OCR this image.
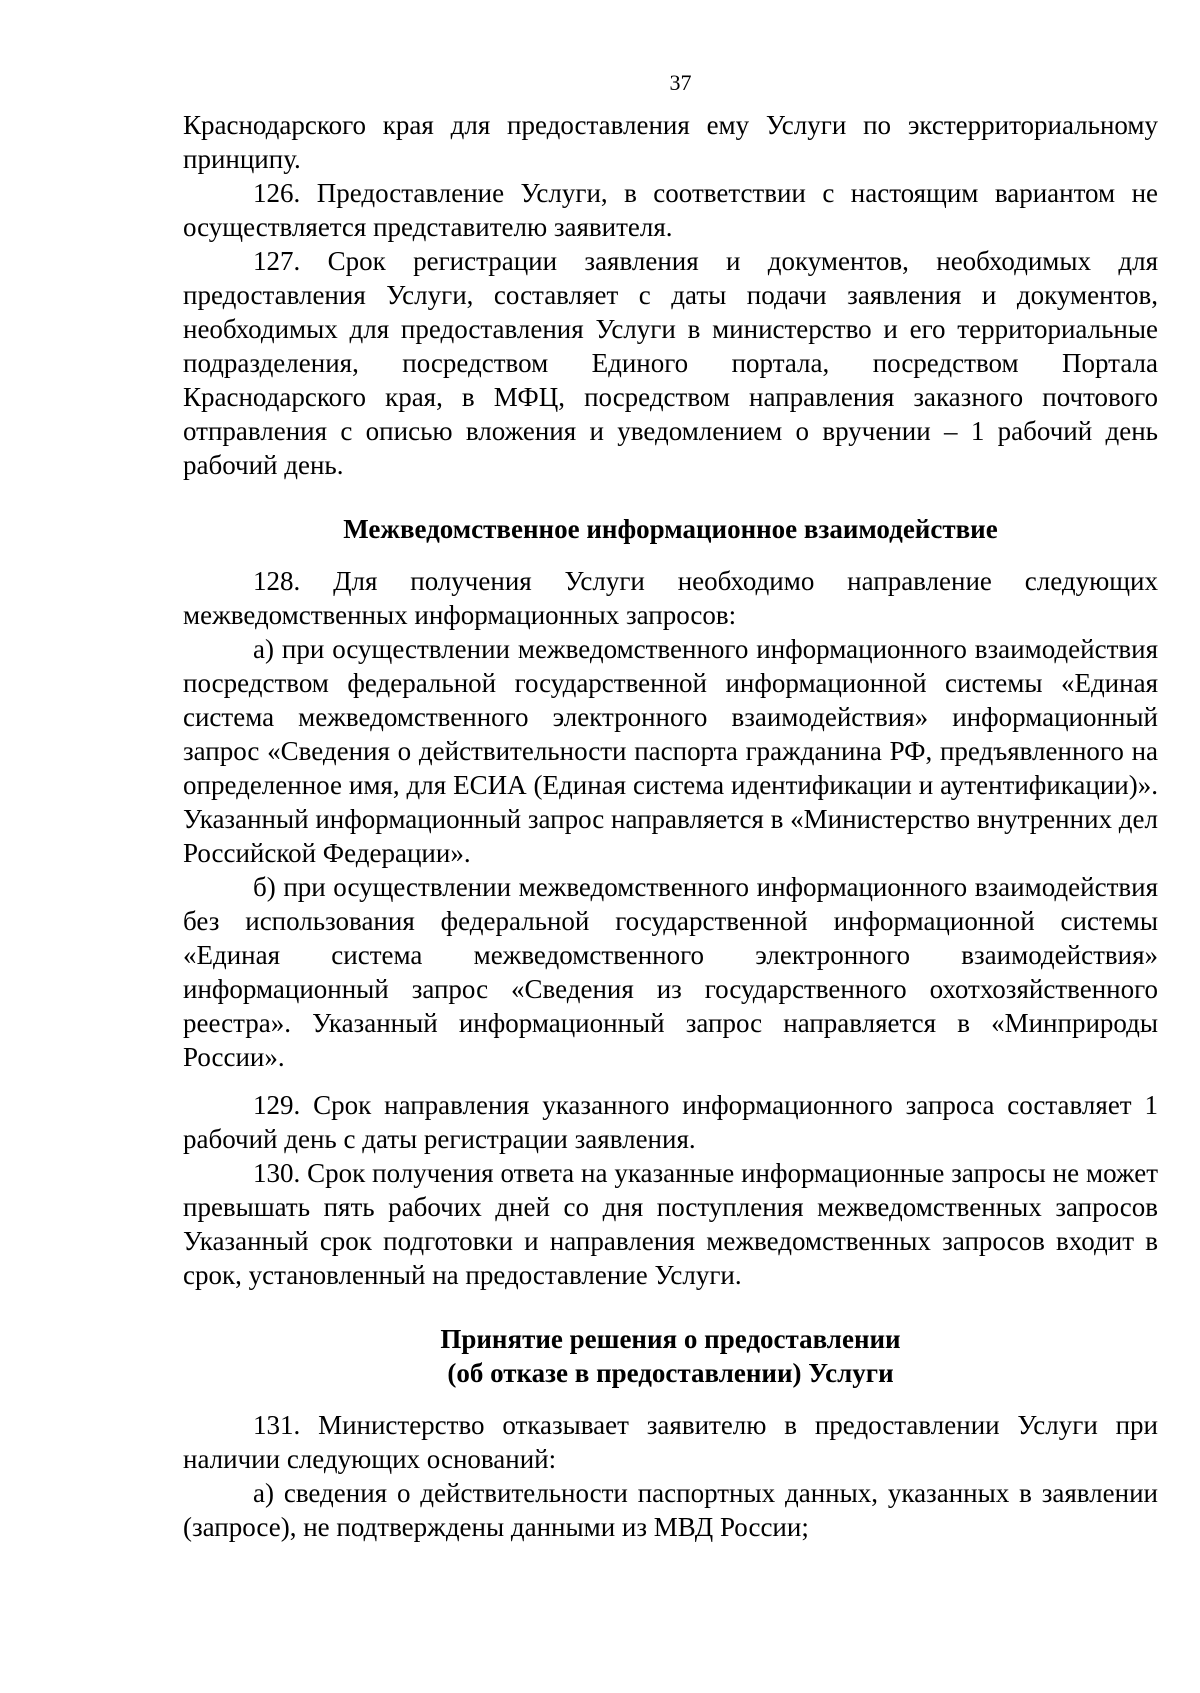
37

Краснодарского края для предоставления ему Услуги по экстерриториальному принципу.

126. Предоставление Услуги, в соответствии с настоящим вариантом не осуществляется представителю заявителя.

127. Срок регистрации заявления и документов, необходимых для предоставления Услуги, составляет с даты подачи заявления и документов, необходимых для предоставления Услуги в министерство и его территориальные подразделения, посредством Единого портала, посредством Портала Краснодарского края, в МФЦ, посредством направления заказного почтового отправления с описью вложения и уведомлением о вручении – 1 рабочий день рабочий день.

Межведомственное информационное взаимодействие

128. Для получения Услуги необходимо направление следующих межведомственных информационных запросов:

а) при осуществлении межведомственного информационного взаимодействия посредством федеральной государственной информационной системы «Единая система межведомственного электронного взаимодействия» информационный запрос «Сведения о действительности паспорта гражданина РФ, предъявленного на определенное имя, для ЕСИА (Единая система идентификации и аутентификации)». Указанный информационный запрос направляется в «Министерство внутренних дел Российской Федерации».

б) при осуществлении межведомственного информационного взаимодействия без использования федеральной государственной информационной системы «Единая система межведомственного электронного взаимодействия» информационный запрос «Сведения из государственного охотхозяйственного реестра». Указанный информационный запрос направляется в «Минприроды России».

129. Срок направления указанного информационного запроса составляет 1 рабочий день с даты регистрации заявления.

130. Срок получения ответа на указанные информационные запросы не может превышать пять рабочих дней со дня поступления межведомственных запросов Указанный срок подготовки и направления межведомственных запросов входит в срок, установленный на предоставление Услуги.

Принятие решения о предоставлении
(об отказе в предоставлении) Услуги

131. Министерство отказывает заявителю в предоставлении Услуги при наличии следующих оснований:

а) сведения о действительности паспортных данных, указанных в заявлении (запросе), не подтверждены данными из МВД России;
